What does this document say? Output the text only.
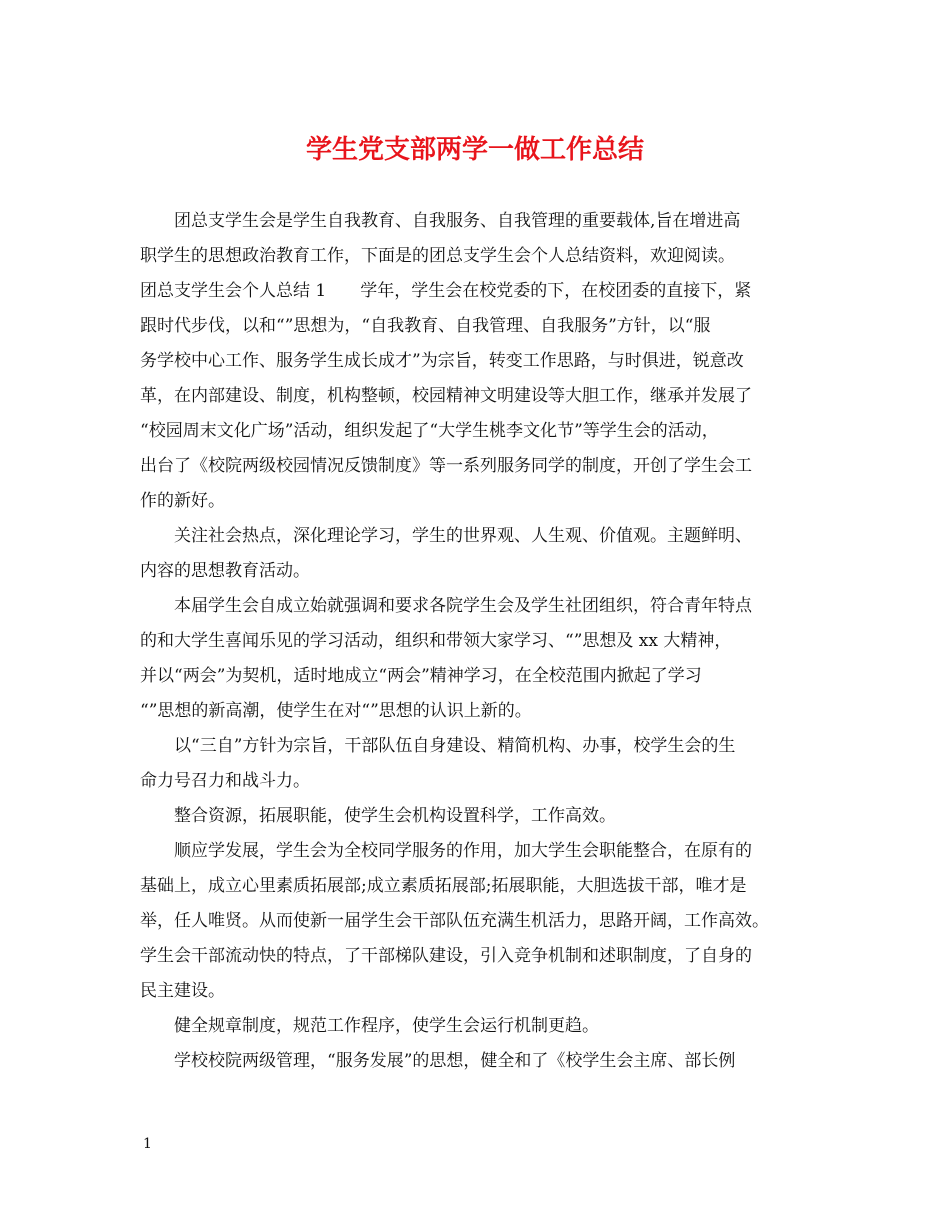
学生党支部两学一做工作总结
团总支学生会是学生自我教育、自我服务、自我管理的重要载体,旨在增进高
职学生的思想政治教育工作，下面是的团总支学生会个人总结资料，欢迎阅读。
团总支学生会个人总结 1　　学年，学生会在校党委的下，在校团委的直接下，紧
跟时代步伐，以和“”思想为，“自我教育、自我管理、自我服务”方针，以“服
务学校中心工作、服务学生成长成才”为宗旨，转变工作思路，与时俱进，锐意改
革，在内部建设、制度，机构整顿，校园精神文明建设等大胆工作，继承并发展了
“校园周末文化广场”活动，组织发起了“大学生桃李文化节”等学生会的活动，
出台了《校院两级校园情况反馈制度》等一系列服务同学的制度，开创了学生会工
作的新好。
关注社会热点，深化理论学习，学生的世界观、人生观、价值观。主题鲜明、
内容的思想教育活动。
本届学生会自成立始就强调和要求各院学生会及学生社团组织，符合青年特点
的和大学生喜闻乐见的学习活动，组织和带领大家学习、“”思想及 xx 大精神，
并以“两会”为契机，适时地成立“两会”精神学习，在全校范围内掀起了学习
“”思想的新高潮，使学生在对“”思想的认识上新的。
以“三自”方针为宗旨，干部队伍自身建设、精简机构、办事，校学生会的生
命力号召力和战斗力。
整合资源，拓展职能，使学生会机构设置科学，工作高效。
顺应学发展，学生会为全校同学服务的作用，加大学生会职能整合，在原有的
基础上，成立心里素质拓展部;成立素质拓展部;拓展职能，大胆选拔干部，唯才是
举，任人唯贤。从而使新一届学生会干部队伍充满生机活力，思路开阔，工作高效。
学生会干部流动快的特点，了干部梯队建设，引入竞争机制和述职制度，了自身的
民主建设。
健全规章制度，规范工作程序，使学生会运行机制更趋。
学校校院两级管理，“服务发展”的思想，健全和了《校学生会主席、部长例
1
